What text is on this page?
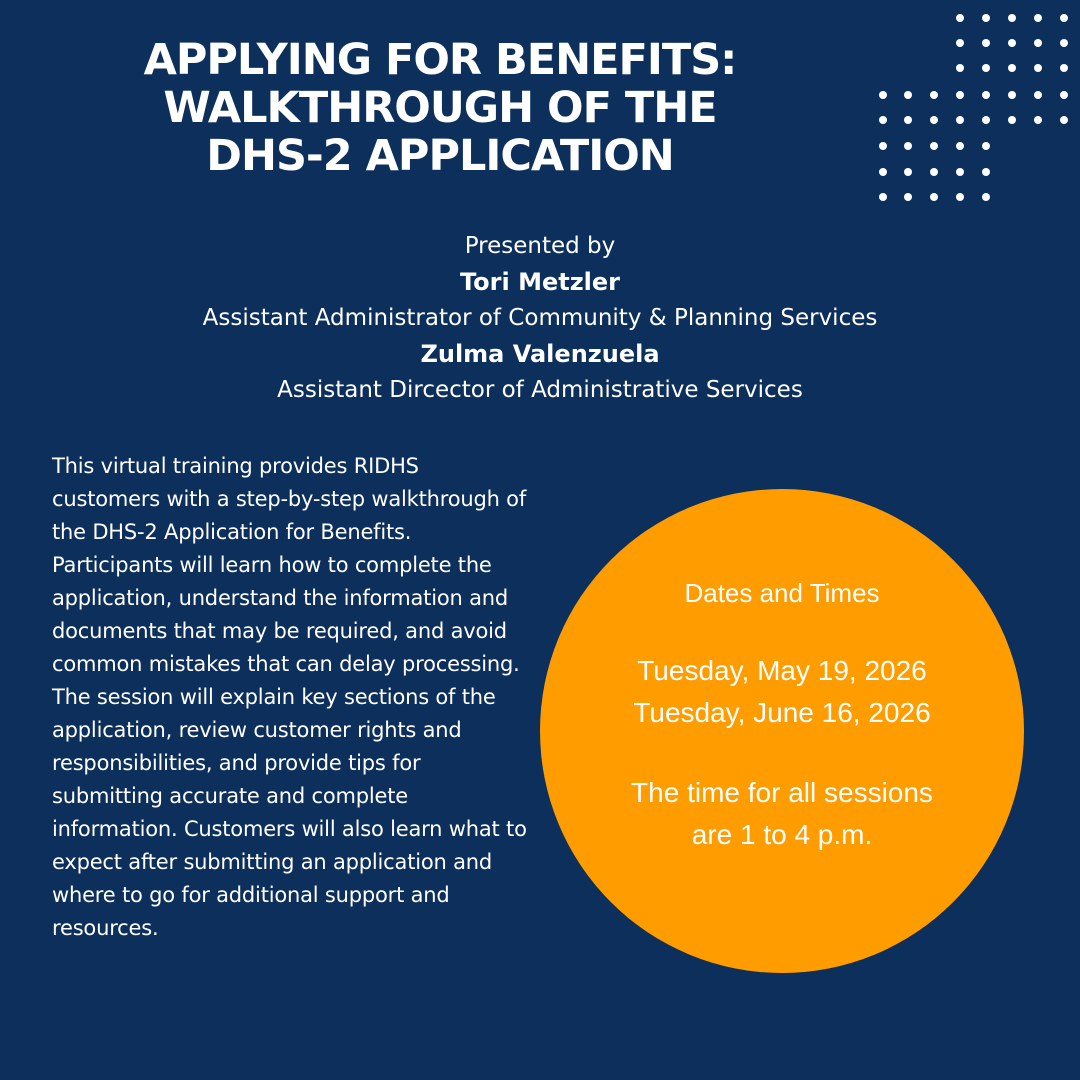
APPLYING FOR BENEFITS:
WALKTHROUGH OF THE
DHS-2 APPLICATION
Presented by
Tori Metzler
Assistant Administrator of Community & Planning Services
Zulma Valenzuela
Assistant Dircector of Administrative Services

This virtual training provides RIDHS customers with a step-by-step walkthrough of the DHS-2 Application for Benefits. Participants will learn how to complete the application, understand the information and documents that may be required, and avoid common mistakes that can delay processing. The session will explain key sections of the application, review customer rights and responsibilities, and provide tips for submitting accurate and complete information. Customers will also learn what to expect after submitting an application and where to go for additional support and resources.

Dates and Times
Tuesday, May 19, 2026
Tuesday, June 16, 2026
The time for all sessions
are 1 to 4 p.m.
